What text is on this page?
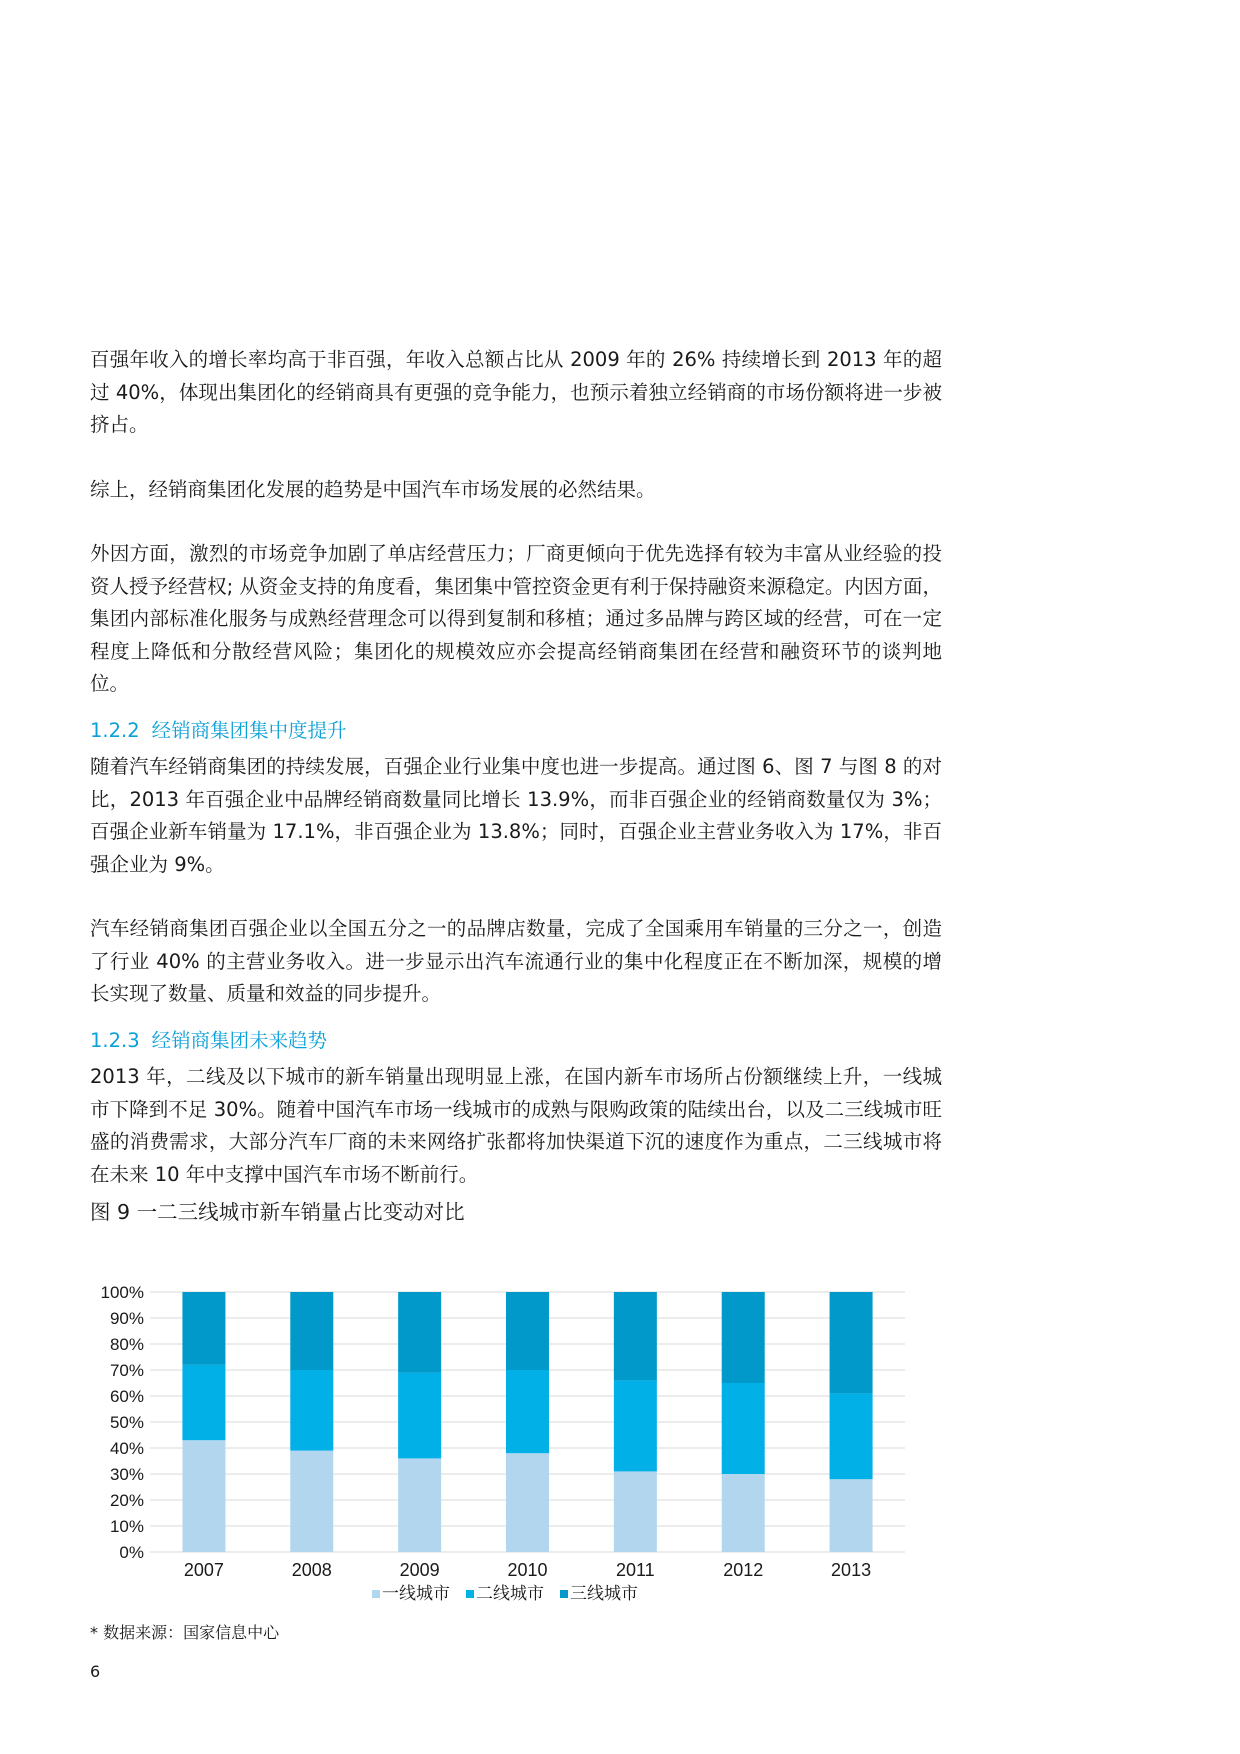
百强年收入的增长率均高于非百强，年收入总额占比从 2009 年的 26% 持续增长到 2013 年的超过 40%，体现出集团化的经销商具有更强的竞争能力，也预示着独立经销商的市场份额将进一步被挤占。

综上，经销商集团化发展的趋势是中国汽车市场发展的必然结果。

外因方面，激烈的市场竞争加剧了单店经营压力；厂商更倾向于优先选择有较为丰富从业经验的投资人授予经营权; 从资金支持的角度看，集团集中管控资金更有利于保持融资来源稳定。内因方面，集团内部标准化服务与成熟经营理念可以得到复制和移植；通过多品牌与跨区域的经营，可在一定程度上降低和分散经营风险；集团化的规模效应亦会提高经销商集团在经营和融资环节的谈判地位。

1.2.2 经销商集团集中度提升

随着汽车经销商集团的持续发展，百强企业行业集中度也进一步提高。通过图 6、图 7 与图 8 的对比，2013 年百强企业中品牌经销商数量同比增长 13.9%，而非百强企业的经销商数量仅为 3%；百强企业新车销量为 17.1%，非百强企业为 13.8%；同时，百强企业主营业务收入为 17%，非百强企业为 9%。

汽车经销商集团百强企业以全国五分之一的品牌店数量，完成了全国乘用车销量的三分之一，创造了行业 40% 的主营业务收入。进一步显示出汽车流通行业的集中化程度正在不断加深，规模的增长实现了数量、质量和效益的同步提升。

1.2.3 经销商集团未来趋势

2013 年，二线及以下城市的新车销量出现明显上涨，在国内新车市场所占份额继续上升，一线城市下降到不足 30%。随着中国汽车市场一线城市的成熟与限购政策的陆续出台，以及二三线城市旺盛的消费需求，大部分汽车厂商的未来网络扩张都将加快渠道下沉的速度作为重点，二三线城市将在未来 10 年中支撑中国汽车市场不断前行。

图 9 一二三线城市新车销量占比变动对比
0%
10%
20%
30%
40%
50%
60%
70%
80%
90%
100%
2007	2008	2009	2010	2011	2012	2013
一线城市 二线城市 三线城市
* 数据来源：国家信息中心
6
